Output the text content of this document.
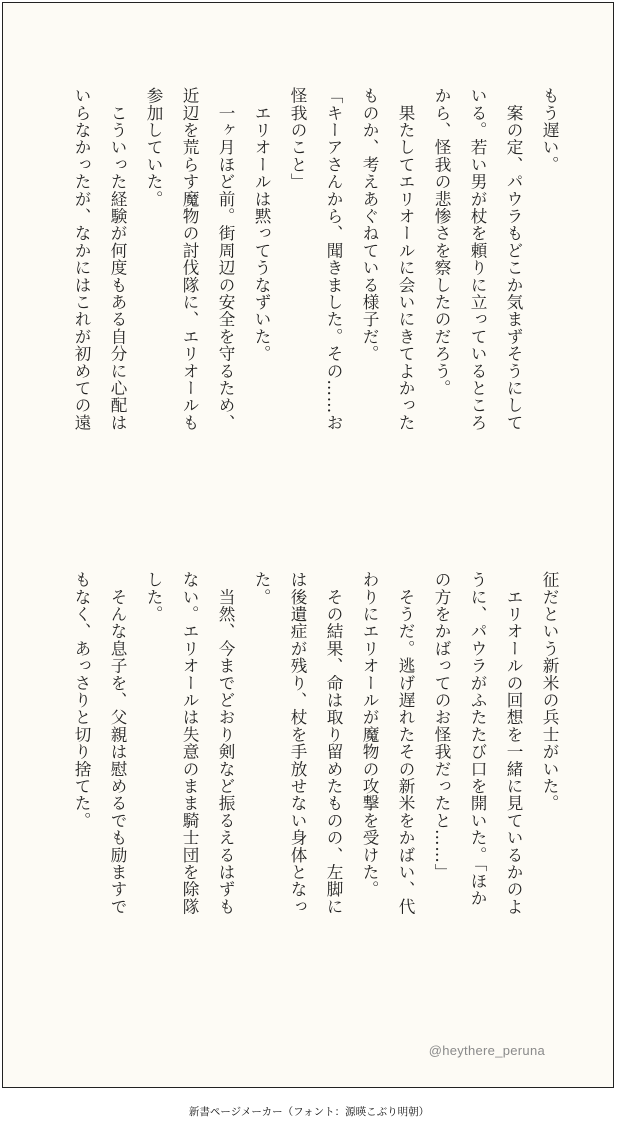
もう遅い。
　案の定、パウラもどこか気まずそうにして
いる。若い男が杖を頼りに立っているところ
から、怪我の悲惨さを察したのだろう。
　果たしてエリオールに会いにきてよかった
ものか、考えあぐねている様子だ。
「キーアさんから、聞きました。その……お
怪我のこと」
　エリオールは黙ってうなずいた。
　一ヶ月ほど前。街周辺の安全を守るため、
近辺を荒らす魔物の討伐隊に、エリオールも
参加していた。
　こういった経験が何度もある自分に心配は
いらなかったが、なかにはこれが初めての遠
征だという新米の兵士がいた。
　エリオールの回想を一緒に見ているかのよ
うに、パウラがふたたび口を開いた。「ほか
の方をかばってのお怪我だったと……」
　そうだ。逃げ遅れたその新米をかばい、代
わりにエリオールが魔物の攻撃を受けた。
　その結果、命は取り留めたものの、左脚に
は後遺症が残り、杖を手放せない身体となっ
た。
　当然、今までどおり剣など振るえるはずも
ない。エリオールは失意のまま騎士団を除隊
した。
　そんな息子を、父親は慰めるでも励ますで
もなく、あっさりと切り捨てた。
@heythere_peruna
新書ページメーカー（フォント：源暎こぶり明朝）
